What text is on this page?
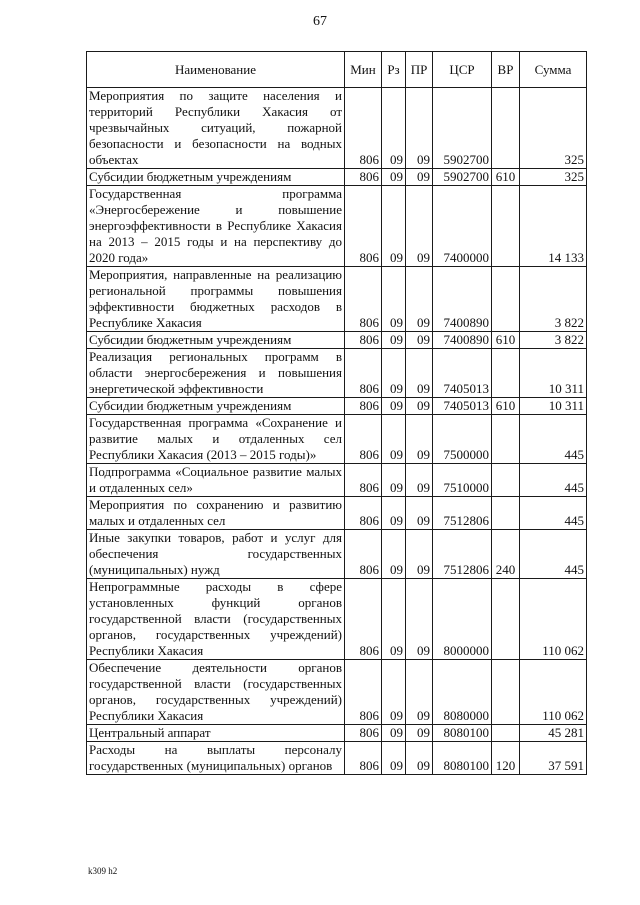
67
Наименование	Мин	Рз	ПР	ЦСР	ВР	Сумма
Мероприятия по защите населения и территорий Республики Хакасия от чрезвычайных ситуаций, пожарной безопасности и безопасности на водных объектах	806	09	09	5902700		325
Субсидии бюджетным учреждениям	806	09	09	5902700	610	325
Государственная программа «Энергосбережение и повышение энергоэффективности в Республике Хакасия на 2013 – 2015 годы и на перспективу до 2020 года»	806	09	09	7400000		14 133
Мероприятия, направленные на реализацию региональной программы повышения эффективности бюджетных расходов в Республике Хакасия	806	09	09	7400890		3 822
Субсидии бюджетным учреждениям	806	09	09	7400890	610	3 822
Реализация региональных программ в области энергосбережения и повышения энергетической эффективности	806	09	09	7405013		10 311
Субсидии бюджетным учреждениям	806	09	09	7405013	610	10 311
Государственная программа «Сохранение и развитие малых и отдаленных сел Республики Хакасия (2013 – 2015 годы)»	806	09	09	7500000		445
Подпрограмма «Социальное развитие малых и отдаленных сел»	806	09	09	7510000		445
Мероприятия по сохранению и развитию малых и отдаленных сел	806	09	09	7512806		445
Иные закупки товаров, работ и услуг для обеспечения государственных (муниципальных) нужд	806	09	09	7512806	240	445
Непрограммные расходы в сфере установленных функций органов государственной власти (государственных органов, государственных учреждений) Республики Хакасия	806	09	09	8000000		110 062
Обеспечение деятельности органов государственной власти (государственных органов, государственных учреждений) Республики Хакасия	806	09	09	8080000		110 062
Центральный аппарат	806	09	09	8080100		45 281
Расходы на выплаты персоналу государственных (муниципальных) органов	806	09	09	8080100	120	37 591
k309 h2
